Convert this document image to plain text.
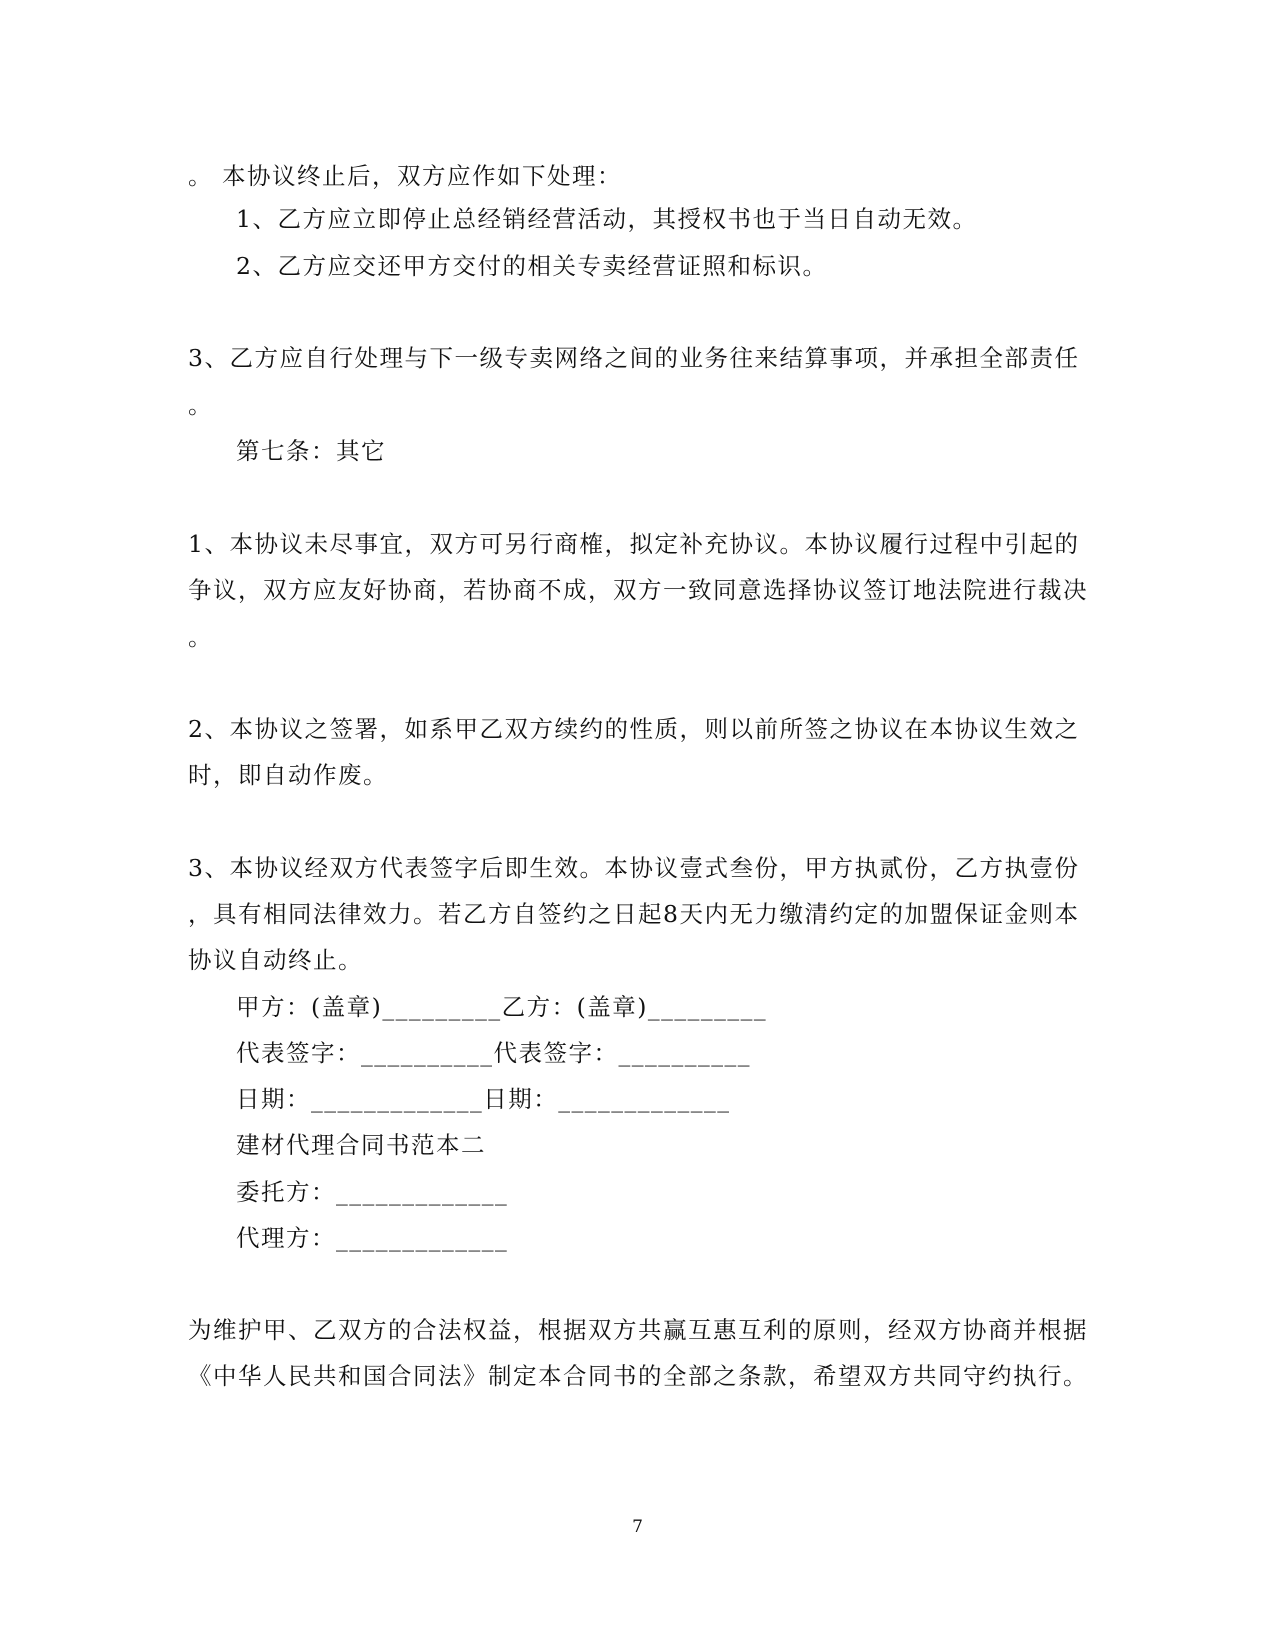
。 本协议终止后，双方应作如下处理：
1、乙方应立即停止总经销经营活动，其授权书也于当日自动无效。
2、乙方应交还甲方交付的相关专卖经营证照和标识。
3、乙方应自行处理与下一级专卖网络之间的业务往来结算事项，并承担全部责任
。
第七条：其它
1、本协议未尽事宜，双方可另行商榷，拟定补充协议。本协议履行过程中引起的
争议，双方应友好协商，若协商不成，双方一致同意选择协议签订地法院进行裁决
。
2、本协议之签署，如系甲乙双方续约的性质，则以前所签之协议在本协议生效之
时，即自动作废。
3、本协议经双方代表签字后即生效。本协议壹式叁份，甲方执贰份，乙方执壹份
，具有相同法律效力。若乙方自签约之日起8天内无力缴清约定的加盟保证金则本
协议自动终止。
甲方：(盖章)_________乙方：(盖章)_________
代表签字：__________代表签字：__________
日期：_____________日期：_____________
建材代理合同书范本二
委托方：_____________
代理方：_____________
为维护甲、乙双方的合法权益，根据双方共赢互惠互利的原则，经双方协商并根据
《中华人民共和国合同法》制定本合同书的全部之条款，希望双方共同守约执行。
7
